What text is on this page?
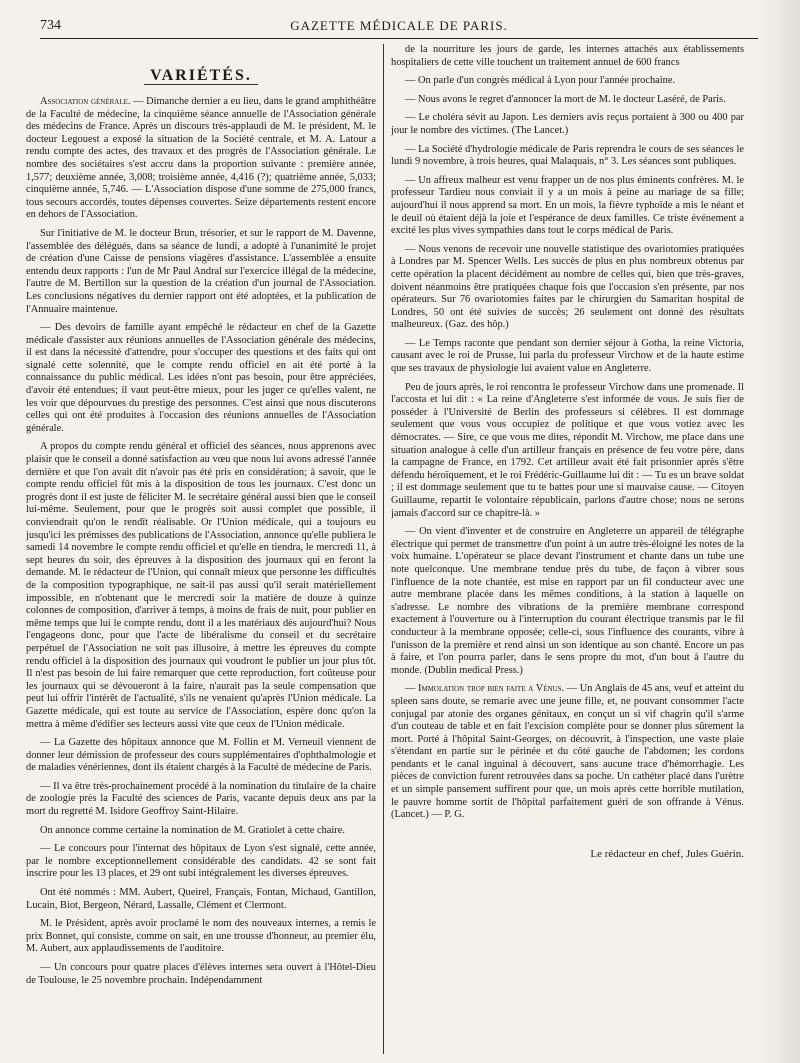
734	GAZETTE MÉDICALE DE PARIS.
VARIÉTÉS.

Association générale. — Dimanche dernier a eu lieu, dans le grand amphithéâtre de la Faculté de médecine, la cinquième séance annuelle de l'Association générale des médecins de France. Après un discours très-applaudi de M. le président, M. le docteur Legouest a exposé la situation de la Société centrale, et M. A. Latour a rendu compte des actes, des travaux et des progrès de l'Association générale. Le nombre des sociétaires s'est accru dans la proportion suivante : première année, 1,577; deuxième année, 3,008; troisième année, 4,416 (?); quatrième année, 5,033; cinquième année, 5,746. — L'Association dispose d'une somme de 275,000 francs, tous secours accordés, toutes dépenses couvertes. Seize départements restent encore en dehors de l'Association.

Sur l'initiative de M. le docteur Brun, trésorier, et sur le rapport de M. Davenne, l'assemblée des délégués, dans sa séance de lundi, a adopté à l'unanimité le projet de création d'une Caisse de pensions viagères d'assistance. L'assemblée a ensuite entendu deux rapports : l'un de Mr Paul Andral sur l'exercice illégal de la médecine, l'autre de M. Bertillon sur la question de la création d'un journal de l'Association. Les conclusions négatives du dernier rapport ont été adoptées, et la publication de l'Annuaire maintenue.

— Des devoirs de famille ayant empêché le rédacteur en chef de la Gazette médicale d'assister aux réunions annuelles de l'Association générale des médecins, il est dans la nécessité d'attendre, pour s'occuper des questions et des faits qui ont signalé cette solennité, que le compte rendu officiel en ait été porté à la connaissance du public médical. Les idées n'ont pas besoin, pour être appréciées, d'avoir été entendues; il vaut peut-être mieux, pour les juger ce qu'elles valent, ne les voir que dépourvues du prestige des personnes. C'est ainsi que nous discuterons celles qui ont été produites à l'occasion des réunions annuelles de l'Association générale.

A propos du compte rendu général et officiel des séances, nous apprenons avec plaisir que le conseil a donné satisfaction au vœu que nous lui avons adressé l'année dernière et que l'on avait dit n'avoir pas été pris en considération; à savoir, que le compte rendu officiel fût mis à la disposition de tous les journaux. C'est donc un progrès dont il est juste de féliciter M. le secrétaire général aussi bien que le conseil lui-même. Seulement, pour que le progrès soit aussi complet que possible, il conviendrait qu'on le rendît réalisable. Or l'Union médicale, qui a toujours eu jusqu'ici les prémisses des publications de l'Association, annonce qu'elle publiera le samedi 14 novembre le compte rendu officiel et qu'elle en tiendra, le mercredi 11, à sept heures du soir, des épreuves à la disposition des journaux qui en feront la demande. M. le rédacteur de l'Union, qui connaît mieux que personne les difficultés de la composition typographique, ne sait-il pas aussi qu'il serait matériellement impossible, en n'obtenant que le mercredi soir la matière de douze à quinze colonnes de composition, d'arriver à temps, à moins de frais de nuit, pour publier en même temps que lui le compte rendu, dont il a les matériaux dès aujourd'hui? Nous l'engageons donc, pour que l'acte de libéralisme du conseil et du secrétaire perpétuel de l'Association ne soit pas illusoire, à mettre les épreuves du compte rendu officiel à la disposition des journaux qui voudront le publier un jour plus tôt. Il n'est pas besoin de lui faire remarquer que cette reproduction, fort coûteuse pour les journaux qui se dévoueront à la faire, n'aurait pas la seule compensation que peut lui offrir l'intérêt de l'actualité, s'ils ne venaient qu'après l'Union médicale. La Gazette médicale, qui est toute au service de l'Association, espère donc qu'on la mettra à même d'édifier ses lecteurs aussi vite que ceux de l'Union médicale.

— La Gazette des hôpitaux annonce que M. Follin et M. Verneuil viennent de donner leur démission de professeur des cours supplémentaires d'ophthalmologie et de maladies vénériennes, dont ils étaient chargés à la Faculté de médecine de Paris.

— Il va être très-prochainement procédé à la nomination du titulaire de la chaire de zoologie près la Faculté des sciences de Paris, vacante depuis deux ans par la mort du regretté M. Isidore Geoffroy Saint-Hilaire.

On annonce comme certaine la nomination de M. Gratiolet à cette chaire.

— Le concours pour l'internat des hôpitaux de Lyon s'est signalé, cette année, par le nombre exceptionnellement considérable des candidats. 42 se sont fait inscrire pour les 13 places, et 29 ont subi intégralement les diverses épreuves.

Ont été nommés : MM. Aubert, Queirel, Français, Fontan, Michaud, Gantillon, Lucain, Biot, Bergeon, Nérard, Lassalle, Clément et Clermont.

M. le Président, après avoir proclamé le nom des nouveaux internes, a remis le prix Bonnet, qui consiste, comme on sait, en une trousse d'honneur, au premier élu, M. Aubert, aux applaudissements de l'auditoire.

— Un concours pour quatre places d'élèves internes sera ouvert à l'Hôtel-Dieu de Toulouse, le 25 novembre prochain. Indépendamment

de la nourriture les jours de garde, les internes attachés aux établissements hospitaliers de cette ville touchent un traitement annuel de 600 francs

— On parle d'un congrès médical à Lyon pour l'année prochaine.

— Nous avons le regret d'annoncer la mort de M. le docteur Laséré, de Paris.

— Le choléra sévit au Japon. Les derniers avis reçus portaient à 300 ou 400 par jour le nombre des victimes. (The Lancet.)

— La Société d'hydrologie médicale de Paris reprendra le cours de ses séances le lundi 9 novembre, à trois heures, quai Malaquais, n° 3. Les séances sont publiques.

— Un affreux malheur est venu frapper un de nos plus éminents confrères. M. le professeur Tardieu nous conviait il y a un mois à peine au mariage de sa fille; aujourd'hui il nous apprend sa mort. En un mois, la fièvre typhoïde a mis le néant et le deuil où étaient déjà la joie et l'espérance de deux familles. Ce triste événement a excité les plus vives sympathies dans tout le corps médical de Paris.

— Nous venons de recevoir une nouvelle statistique des ovariotomies pratiquées à Londres par M. Spencer Wells. Les succès de plus en plus nombreux obtenus par cette opération la placent décidément au nombre de celles qui, bien que très-graves, doivent néanmoins être pratiquées chaque fois que l'occasion s'en présente, par nos opérateurs. Sur 76 ovariotomies faites par le chirurgien du Samaritan hospital de Londres, 50 ont été suivies de succès; 26 seulement ont donné des résultats malheureux. (Gaz. des hôp.)

— Le Temps raconte que pendant son dernier séjour à Gotha, la reine Victoria, causant avec le roi de Prusse, lui parla du professeur Virchow et de la haute estime que ses travaux de physiologie lui avaient value en Angleterre.

Peu de jours après, le roi rencontra le professeur Virchow dans une promenade. Il l'accosta et lui dit : « La reine d'Angleterre s'est informée de vous. Je suis fier de posséder à l'Université de Berlin des professeurs si célèbres. Il est dommage seulement que vous vous occupiez de politique et que vous votiez avec les démocrates. — Sire, ce que vous me dites, répondit M. Virchow, me place dans une situation analogue à celle d'un artilleur français en présence de feu votre père, dans la campagne de France, en 1792. Cet artilleur avait été fait prisonnier après s'être défendu héroïquement, et le roi Frédéric-Guillaume lui dit : — Tu es un brave soldat ; il est dommage seulement que tu te battes pour une si mauvaise cause. — Citoyen Guillaume, repartit le volontaire républicain, parlons d'autre chose; nous ne serons jamais d'accord sur ce chapitre-là. »

— On vient d'inventer et de construire en Angleterre un appareil de télégraphe électrique qui permet de transmettre d'un point à un autre très-éloigné les notes de la voix humaine. L'opérateur se place devant l'instrument et chante dans un tube une note quelconque. Une membrane tendue près du tube, de façon à vibrer sous l'influence de la note chantée, est mise en rapport par un fil conducteur avec une autre membrane placée dans les mêmes conditions, à la station à laquelle on s'adresse. Le nombre des vibrations de la première membrane correspond exactement à l'ouverture ou à l'interruption du courant électrique transmis par le fil conducteur à la membrane opposée; celle-ci, sous l'influence des courants, vibre à l'unisson de la première et rend ainsi un son identique au son chanté. Encore un pas à faire, et l'on pourra parler, dans le sens propre du mot, d'un bout à l'autre du monde. (Dublin medical Press.)

— Immolation trop bien faite a Vénus. — Un Anglais de 45 ans, veuf et atteint du spleen sans doute, se remarie avec une jeune fille, et, ne pouvant consommer l'acte conjugal par atonie des organes génitaux, en conçut un si vif chagrin qu'il s'arme d'un couteau de table et en fait l'excision complète pour se donner plus sûrement la mort. Porté à l'hôpital Saint-Georges, on découvrit, à l'inspection, une vaste plaie s'étendant en partie sur le périnée et du côté gauche de l'abdomen; les cordons pendants et le canal inguinal à découvert, sans aucune trace d'hémorrhagie. Les pièces de conviction furent retrouvées dans sa poche. Un cathéter placé dans l'urètre et un simple pansement suffirent pour que, un mois après cette horrible mutilation, le pauvre homme sortit de l'hôpital parfaitement guéri de son offrande à Vénus. (Lancet.) — P. G.

Le rédacteur en chef, Jules Guérin.
